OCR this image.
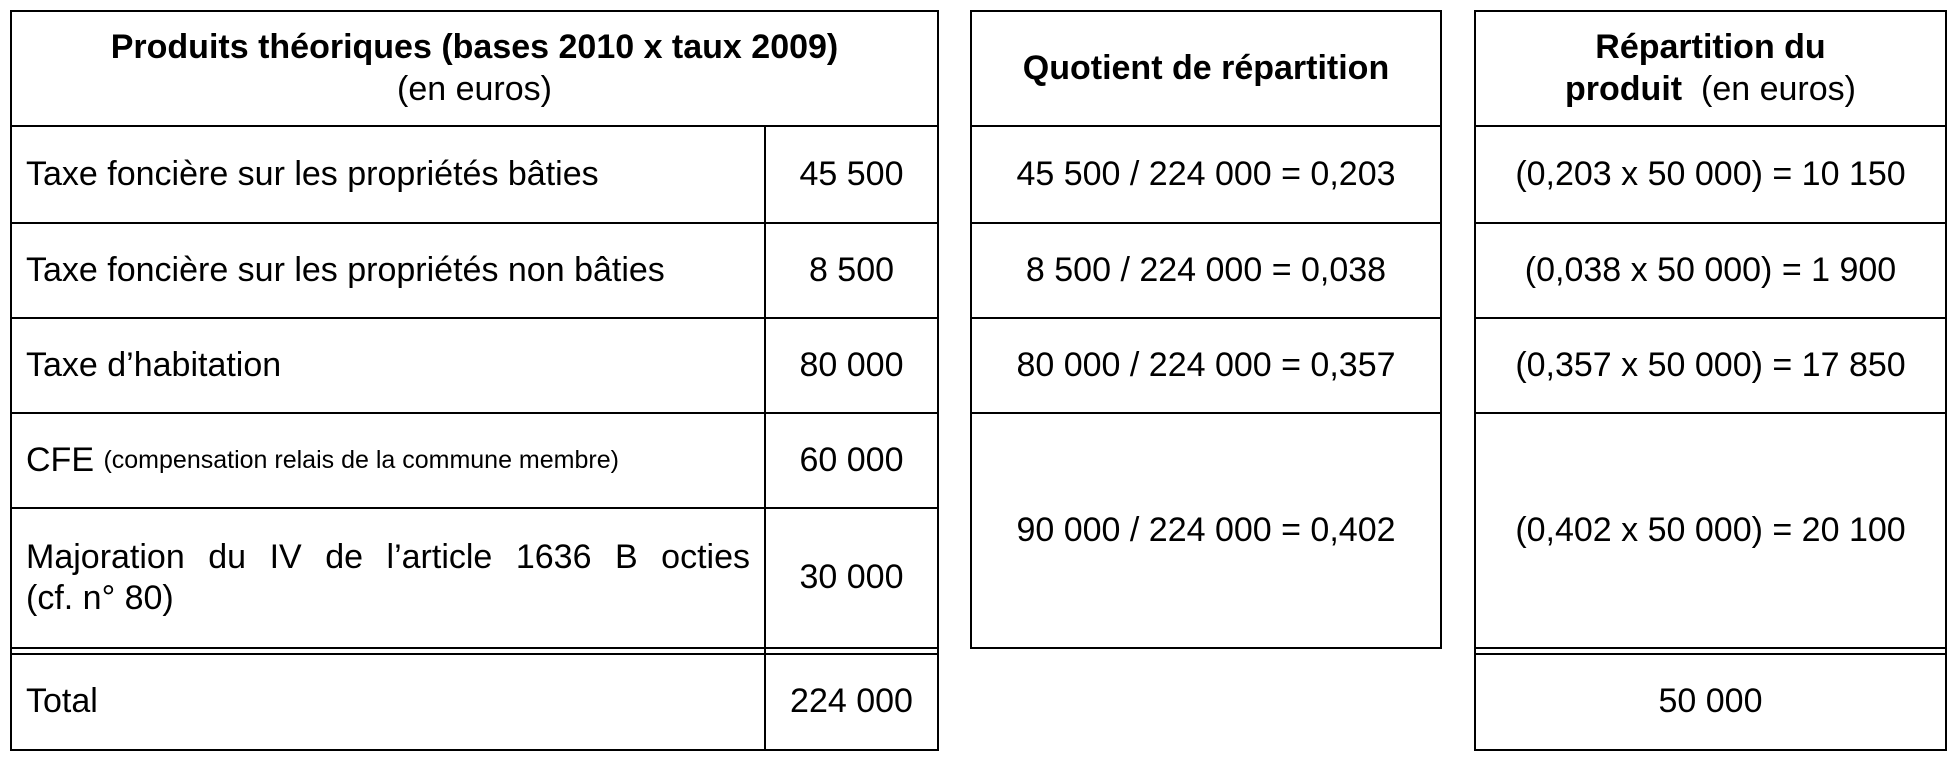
Produits théoriques (bases 2010 x taux 2009)
(en euros)
Taxe foncière sur les propriétés bâties	45 500
Taxe foncière sur les propriétés non bâties	8 500
Taxe d’habitation	80 000
CFE
(compensation relais de la commune membre)	60 000
Majoration du IV de l’article 1636 B octies
(cf. n° 80)
30 000
Total	224 000
Quotient de répartition
45 500 / 224 000 = 0,203
8 500 / 224 000 = 0,038
80 000 / 224 000 = 0,357
90 000 / 224 000 = 0,402
Répartition du
produit (en euros)
(0,203 x 50 000) = 10 150
(0,038 x 50 000) = 1 900
(0,357 x 50 000) = 17 850
(0,402 x 50 000) = 20 100
50 000
